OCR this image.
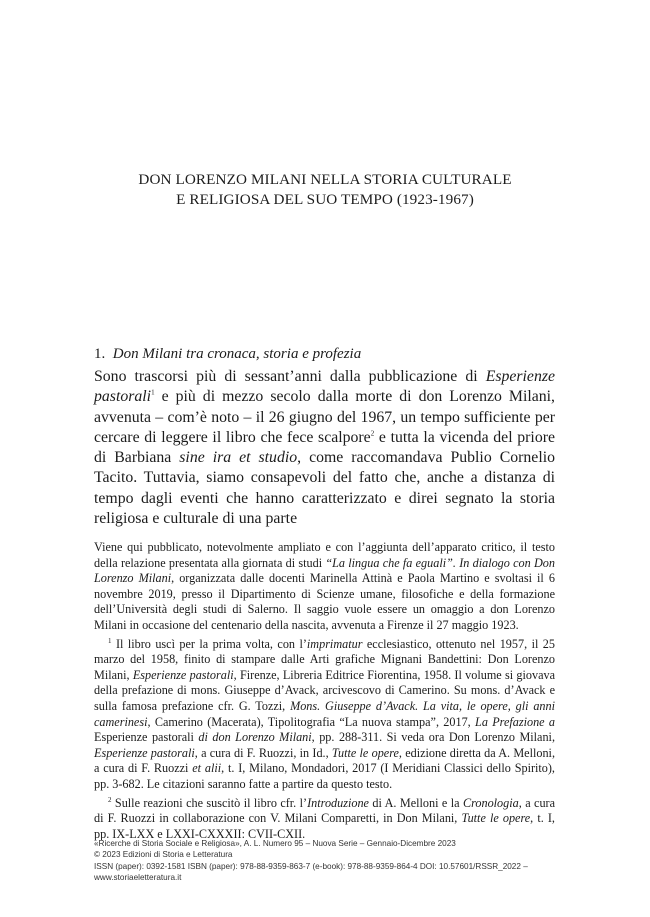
DON LORENZO MILANI NELLA STORIA CULTURALE
E RELIGIOSA DEL SUO TEMPO (1923-1967)
1. Don Milani tra cronaca, storia e profezia

Sono trascorsi più di sessant’anni dalla pubblicazione di Esperienze pastorali$^1$ e più di mezzo secolo dalla morte di don Lorenzo Milani, avvenuta – com’è noto – il 26 giugno del 1967, un tempo sufficiente per cercare di leggere il libro che fece scalpore$^2$ e tutta la vicenda del priore di Barbiana sine ira et studio, come raccomandava Publio Cornelio Tacito. Tuttavia, siamo consapevoli del fatto che, anche a distanza di tempo dagli eventi che hanno caratterizzato e direi segnato la storia religiosa e culturale di una parte

Viene qui pubblicato, notevolmente ampliato e con l’aggiunta dell’apparato critico, il testo della relazione presentata alla giornata di studi “La lingua che fa eguali”. In dialogo con Don Lorenzo Milani, organizzata dalle docenti Marinella Attinà e Paola Martino e svoltasi il 6 novembre 2019, presso il Dipartimento di Scienze umane, filosofiche e della formazione dell’Università degli studi di Salerno. Il saggio vuole essere un omaggio a don Lorenzo Milani in occasione del centenario della nascita, avvenuta a Firenze il 27 maggio 1923.

$^1$ Il libro uscì per la prima volta, con l’imprimatur ecclesiastico, ottenuto nel 1957, il 25 marzo del 1958, finito di stampare dalle Arti grafiche Mignani Bandettini: Don Lorenzo Milani, Esperienze pastorali, Firenze, Libreria Editrice Fiorentina, 1958. Il volume si giovava della prefazione di mons. Giuseppe d’Avack, arcivescovo di Camerino. Su mons. d’Avack e sulla famosa prefazione cfr. G. Tozzi, Mons. Giuseppe d’Avack. La vita, le opere, gli anni camerinesi, Camerino (Macerata), Tipolitografia “La nuova stampa”, 2017, La Prefazione a Esperienze pastorali di don Lorenzo Milani, pp. 288-311. Si veda ora Don Lorenzo Milani, Esperienze pastorali, a cura di F. Ruozzi, in Id., Tutte le opere, edizione diretta da A. Melloni, a cura di F. Ruozzi et alii, t. I, Milano, Mondadori, 2017 (I Meridiani Classici dello Spirito), pp. 3-682. Le citazioni saranno fatte a partire da questo testo.

$^2$ Sulle reazioni che suscitò il libro cfr. l’Introduzione di A. Melloni e la Cronologia, a cura di F. Ruozzi in collaborazione con V. Milani Comparetti, in Don Milani, Tutte le opere, t. I, pp. IX-LXX e LXXI-CXXXII: CVII-CXII.

«Ricerche di Storia Sociale e Religiosa», A. L. Numero 95 – Nuova Serie – Gennaio-Dicembre 2023
© 2023 Edizioni di Storia e Letteratura
ISSN (paper): 0392-1581 ISBN (paper): 978-88-9359-863-7 (e-book): 978-88-9359-864-4 DOI: 10.57601/RSSR_2022 –
www.storiaeletteratura.it
